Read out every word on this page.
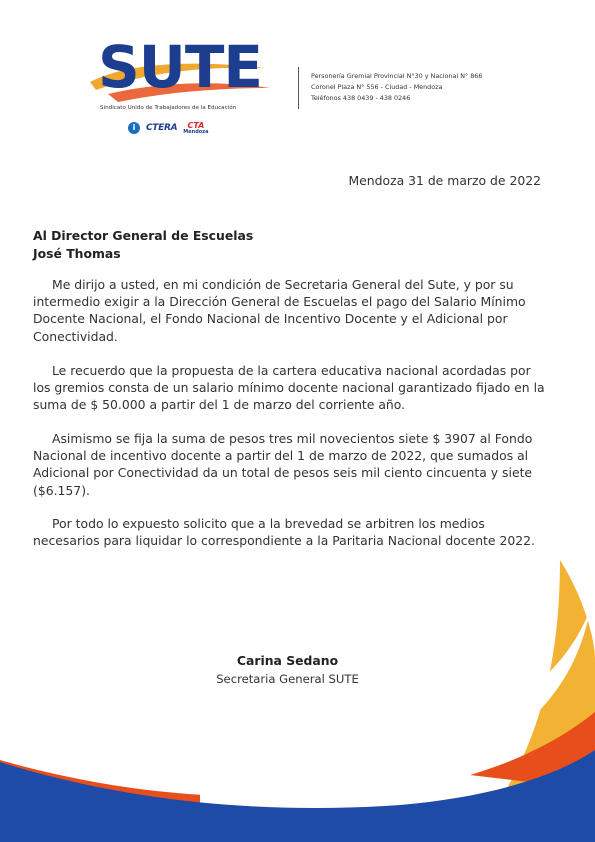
SUTE
Sindicato Unido de Trabajadores de la Educación
i	CTERA CTA
Mendoza
Personería Gremial Provincial N°30 y Nacional N° 866
Coronel Plaza N° 556 - Ciudad - Mendoza
Teléfonos 438 0439 - 438 0246
Mendoza 31 de marzo de 2022
Al Director General de Escuelas
José Thomas

Me dirijo a usted, en mi condición de Secretaria General del Sute, y por su intermedio exigir a la Dirección General de Escuelas el pago del Salario Mínimo Docente Nacional, el Fondo Nacional de Incentivo Docente y el Adicional por Conectividad.

Le recuerdo que la propuesta de la cartera educativa nacional acordadas por los gremios consta de un salario mínimo docente nacional garantizado fijado en la suma de $ 50.000 a partir del 1 de marzo del corriente año.

Asimismo se fija la suma de pesos tres mil novecientos siete $ 3907 al Fondo Nacional de incentivo docente a partir del 1 de marzo de 2022, que sumados al Adicional por Conectividad da un total de pesos seis mil ciento cincuenta y siete ($6.157).

Por todo lo expuesto solicito que a la brevedad se arbitren los medios necesarios para liquidar lo correspondiente a la Paritaria Nacional docente 2022.

Carina Sedano
Secretaria General SUTE
